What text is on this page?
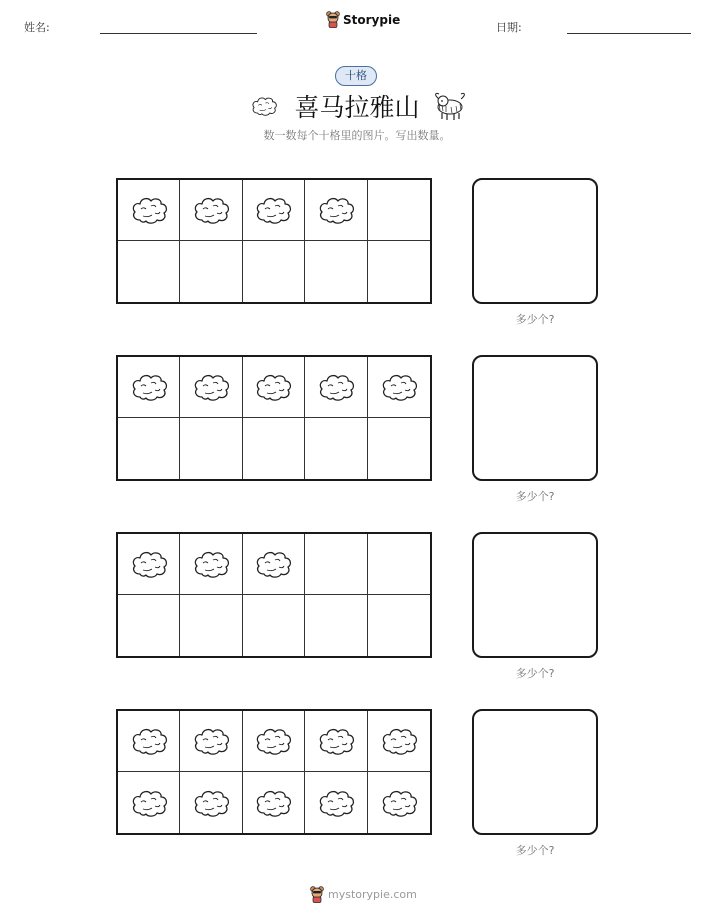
姓名:
Storypie
日期:
十格
喜马拉雅山
数一数每个十格里的图片。写出数量。
多少个?
多少个?
多少个?
多少个?
mystorypie.com
